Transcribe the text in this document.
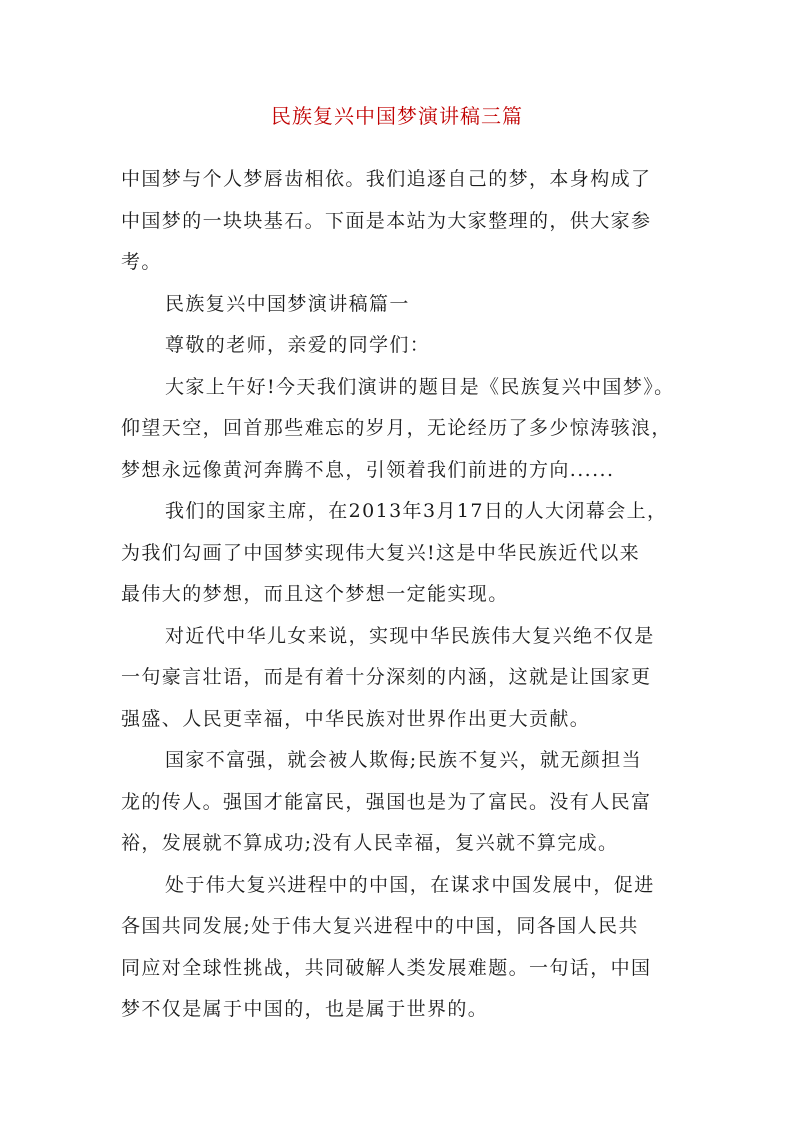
民族复兴中国梦演讲稿三篇
中国梦与个人梦唇齿相依。我们追逐自己的梦，本身构成了
中国梦的一块块基石。下面是本站为大家整理的，供大家参
考。
民族复兴中国梦演讲稿篇一
尊敬的老师，亲爱的同学们：
大家上午好!今天我们演讲的题目是《民族复兴中国梦》。
仰望天空，回首那些难忘的岁月，无论经历了多少惊涛骇浪，
梦想永远像黄河奔腾不息，引领着我们前进的方向......
我们的国家主席，在2013年3月17日的人大闭幕会上，
为我们勾画了中国梦实现伟大复兴!这是中华民族近代以来
最伟大的梦想，而且这个梦想一定能实现。
对近代中华儿女来说，实现中华民族伟大复兴绝不仅是
一句豪言壮语，而是有着十分深刻的内涵，这就是让国家更
强盛、人民更幸福，中华民族对世界作出更大贡献。
国家不富强，就会被人欺侮;民族不复兴，就无颜担当
龙的传人。强国才能富民，强国也是为了富民。没有人民富
裕，发展就不算成功;没有人民幸福，复兴就不算完成。
处于伟大复兴进程中的中国，在谋求中国发展中，促进
各国共同发展;处于伟大复兴进程中的中国，同各国人民共
同应对全球性挑战，共同破解人类发展难题。一句话，中国
梦不仅是属于中国的，也是属于世界的。
